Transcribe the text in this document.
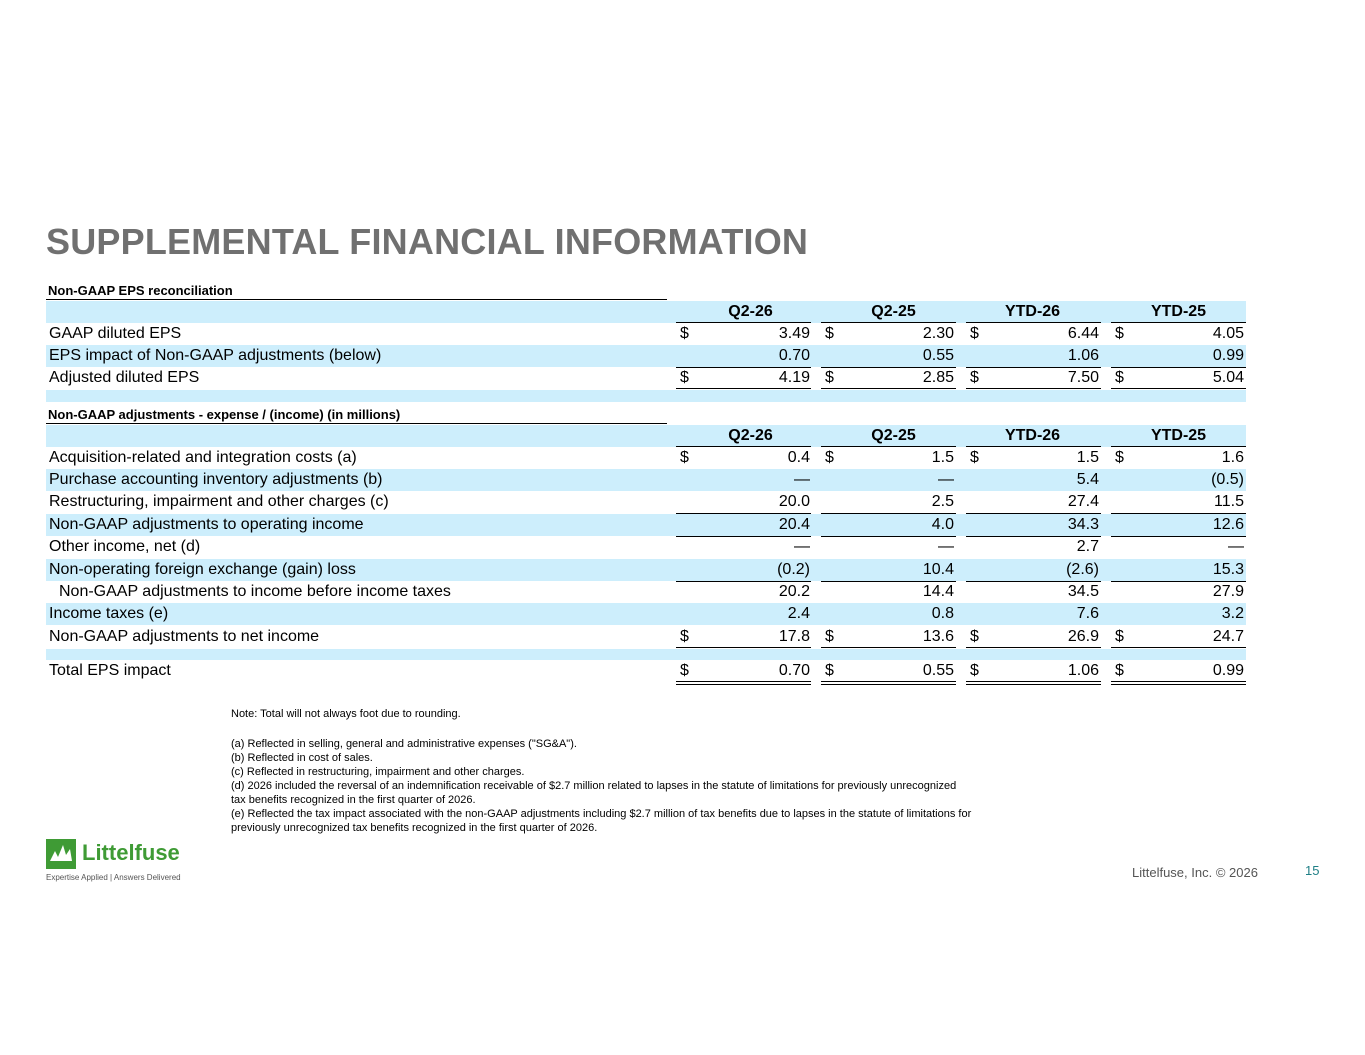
SUPPLEMENTAL FINANCIAL INFORMATION
Non-GAAP EPS reconciliation
Q2-26	Q2-25	YTD-26	YTD-25
GAAP diluted EPS	$	3.49 $	2.30 $	6.44 $	4.05
EPS impact of Non-GAAP adjustments (below)	0.70	0.55	1.06	0.99
Adjusted diluted EPS	$	4.19 $	2.85 $	7.50 $	5.04
Non-GAAP adjustments - expense / (income) (in millions)
Q2-26	Q2-25	YTD-26	YTD-25
Acquisition-related and integration costs (a)	$	0.4 $	1.5 $	1.5 $	1.6
Purchase accounting inventory adjustments (b)	—	—	5.4	(0.5)
Restructuring, impairment and other charges (c)	20.0	2.5	27.4	11.5
Non-GAAP adjustments to operating income	20.4	4.0	34.3	12.6
Other income, net (d)	—	—	2.7	—
Non-operating foreign exchange (gain) loss	(0.2)	10.4	(2.6)	15.3
Non-GAAP adjustments to income before income taxes	20.2	14.4	34.5	27.9
Income taxes (e)	2.4	0.8	7.6	3.2
Non-GAAP adjustments to net income	$	17.8 $	13.6 $	26.9 $	24.7
Total EPS impact	$	0.70 $	0.55 $	1.06 $	0.99
Note: Total will not always foot due to rounding.
(a) Reflected in selling, general and administrative expenses ("SG&A").
(b) Reflected in cost of sales.
(c) Reflected in restructuring, impairment and other charges.
(d) 2026 included the reversal of an indemnification receivable of $2.7 million related to lapses in the statute of limitations for previously unrecognized
tax benefits recognized in the first quarter of 2026.
(e) Reflected the tax impact associated with the non-GAAP adjustments including $2.7 million of tax benefits due to lapses in the statute of limitations for
previously unrecognized tax benefits recognized in the first quarter of 2026.
Littelfuse
Expertise Applied | Answers Delivered	Littelfuse, Inc. © 2026	15
